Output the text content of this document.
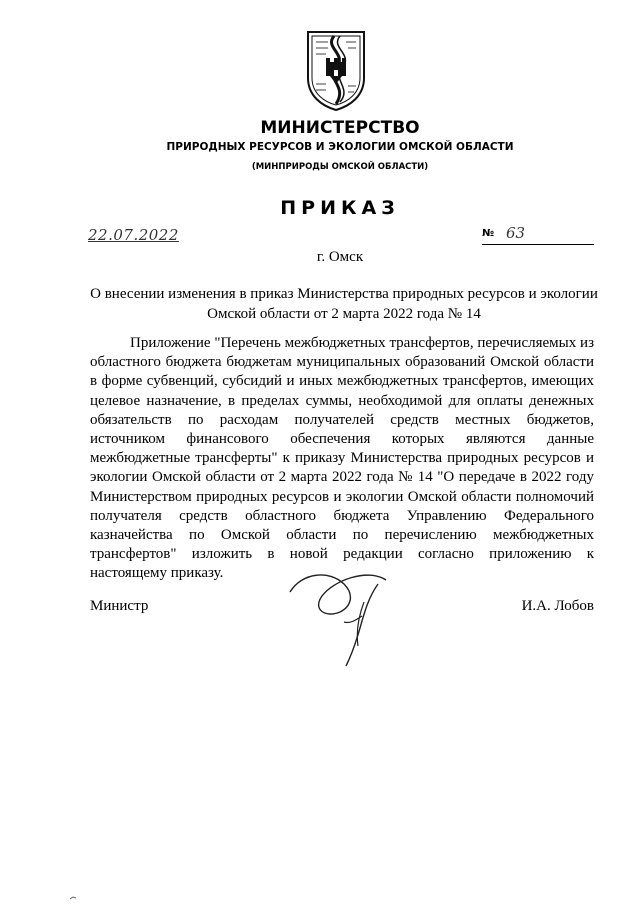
МИНИСТЕРСТВО
ПРИРОДНЫХ РЕСУРСОВ И ЭКОЛОГИИ ОМСКОЙ ОБЛАСТИ
(МИНПРИРОДЫ ОМСКОЙ ОБЛАСТИ)
ПРИКАЗ
22.07.2022	№ 63
г. Омск
О внесении изменения в приказ Министерства природных ресурсов и экологии Омской области от 2 марта 2022 года № 14
Приложение "Перечень межбюджетных трансфертов, перечисляемых из областного бюджета бюджетам муниципальных образований Омской области в форме субвенций, субсидий и иных межбюджетных трансфертов, имеющих целевое назначение, в пределах суммы, необходимой для оплаты денежных обязательств по расходам получателей средств местных бюджетов, источником финансового обеспечения которых являются данные межбюджетные трансферты" к приказу Министерства природных ресурсов и экологии Омской области от 2 марта 2022 года № 14 "О передаче в 2022 году Министерством природных ресурсов и экологии Омской области полномочий получателя средств областного бюджета Управлению Федерального казначейства по Омской области по перечислению межбюджетных трансфертов" изложить в новой редакции согласно приложению к настоящему приказу.
Министр	И.А. Лобов
